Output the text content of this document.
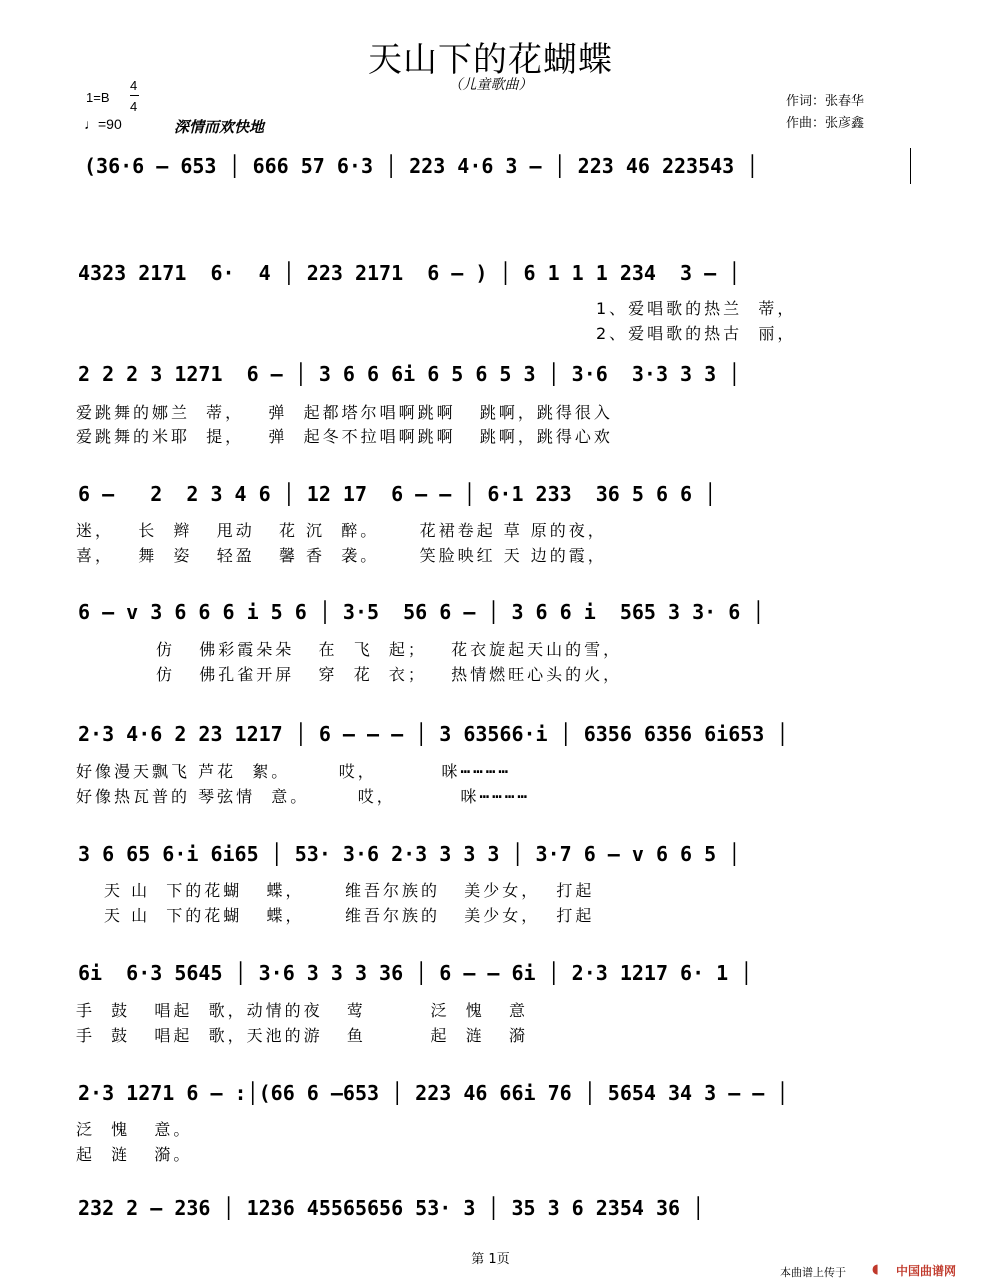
天山下的花蝴蝶
（儿童歌曲）
1=B
4
4
♩=90	深情而欢快地
作词：张春华
作曲：张彦鑫
(36·6 – 653 │ 666 57 6·3 │ 223 4·6 3 – │ 223 46 223543 │
4323 2171  6·  4 │ 223 2171  6 – ) │ 6 1 1 1 234  3 – │
1、爱唱歌的热兰  蒂，
2、爱唱歌的热古  丽，
2 2 2 3 1271  6 – │ 3 6 6 6i 6 5 6 5 3 │ 3·6  3·3 3 3 │
爱跳舞的娜兰  蒂，   弹  起都塔尔唱啊跳啊   跳啊，跳得很入
爱跳舞的米耶  提，   弹  起冬不拉唱啊跳啊   跳啊，跳得心欢
6 –   2  2 3 4 6 │ 12 17  6 – – │ 6·1 233  36 5 6 6 │
迷，   长  辫   甩动   花 沉  醉。     花裙卷起 草 原的夜，
喜，   舞  姿   轻盈   馨 香  袭。     笑脸映红 天 边的霞，
6 – v 3 6 6 6 i 5 6 │ 3·5  56 6 – │ 3 6 6 i  565 3 3· 6 │
仿   佛彩霞朵朵   在  飞  起；   花衣旋起天山的雪，
仿   佛孔雀开屏   穿  花  衣；   热情燃旺心头的火，
2·3 4·6 2 23 1217 │ 6 – – – │ 3 63566·i │ 6356 6356 6i653 │
好像漫天飘飞 芦花  絮。      哎，        咪┅┅┅┅
好像热瓦普的 琴弦情  意。      哎，        咪┅┅┅┅
3 6 65 6·i 6i65 │ 53· 3·6 2·3 3 3 3 │ 3·7 6 – v 6 6 5 │
天 山  下的花蝴   蝶，     维吾尔族的   美少女，  打起
天 山  下的花蝴   蝶，     维吾尔族的   美少女，  打起
6i  6·3 5645 │ 3·6 3 3 3 36 │ 6 – – 6i │ 2·3 1217 6· 1 │
手  鼓   唱起  歌，动情的夜   莺        泛  愧   意
手  鼓   唱起  歌，天池的游   鱼        起  涟   漪
2·3 1271 6 – :│(66 6 –653 │ 223 46 66i 76 │ 5654 34 3 – – │
泛  愧   意。
起  涟   漪。
232 2 – 236 │ 1236 45565656 53· 3 │ 35 3 6 2354 36 │
第 1页
本曲谱上传于 ◖ 中国曲谱网
